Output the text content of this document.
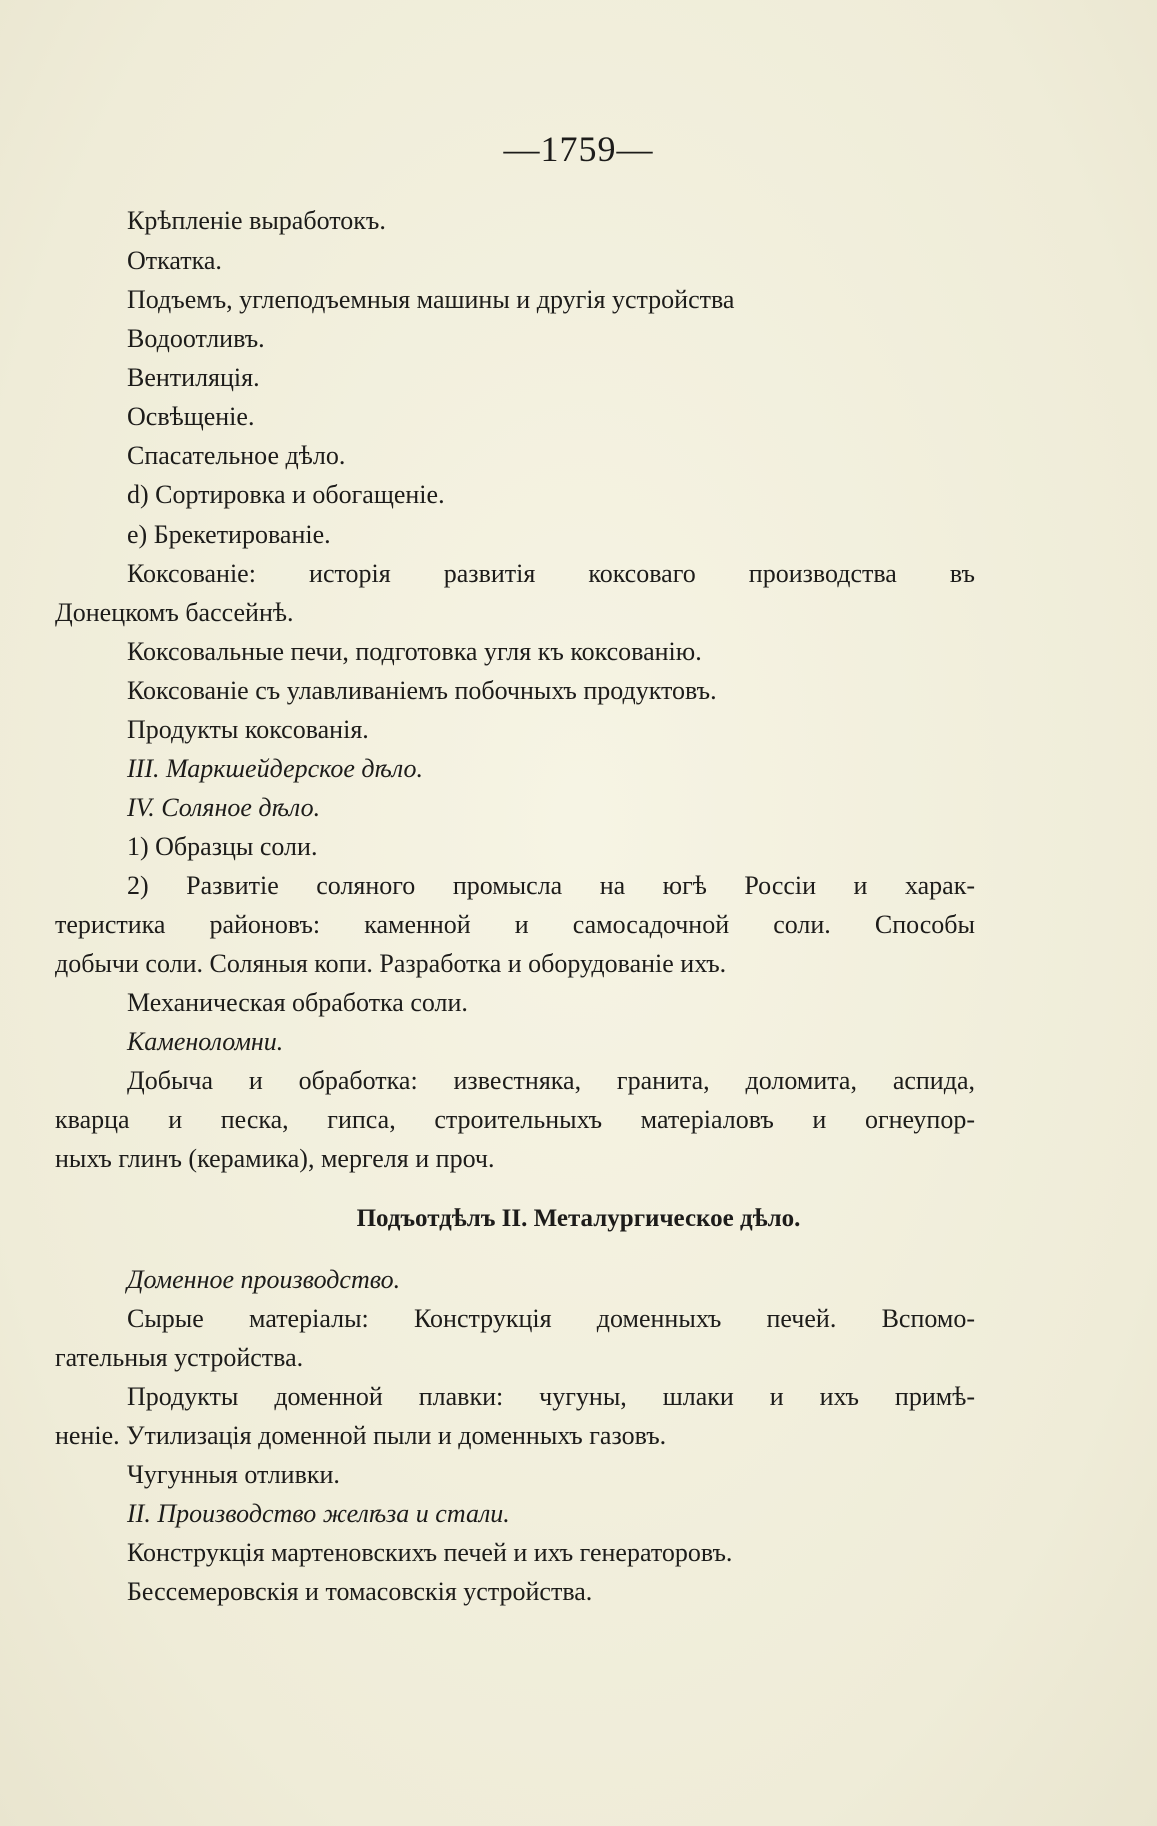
—1759—
Крѣпленіе выработокъ.
Откатка.
Подъемъ, углеподъемныя машины и другія устройства
Водоотливъ.
Вентиляція.
Освѣщеніе.
Спасательное дѣло.
d) Сортировка и обогащеніе.
е) Брекетированіе.
Коксованіе: исторія развитія коксоваго производства въ
Донецкомъ бассейнѣ.
Коксовальные печи, подготовка угля къ коксованію.
Коксованіе съ улавливаніемъ побочныхъ продуктовъ.
Продукты коксованія.
III. Маркшейдерское дѣло.
IV. Соляное дѣло.
1) Образцы соли.
2) Развитіе соляного промысла на югѣ Россіи и харак-
теристика районовъ: каменной и самосадочной соли. Способы
добычи соли. Соляныя копи. Разработка и оборудованіе ихъ.
Механическая обработка соли.
Каменоломни.
Добыча и обработка: известняка, гранита, доломита, аспида,
кварца и песка, гипса, строительныхъ матеріаловъ и огнеупор-
ныхъ глинъ (керамика), мергеля и проч.
Подъотдѣлъ II. Металургическое дѣло.
Доменное производство.
Сырые матеріалы: Конструкція доменныхъ печей. Вспомо-
гательныя устройства.
Продукты доменной плавки: чугуны, шлаки и ихъ примѣ-
неніе. Утилизація доменной пыли и доменныхъ газовъ.
Чугунныя отливки.
II. Производство желѣза и стали.
Конструкція мартеновскихъ печей и ихъ генераторовъ.
Бессемеровскія и томасовскія устройства.
